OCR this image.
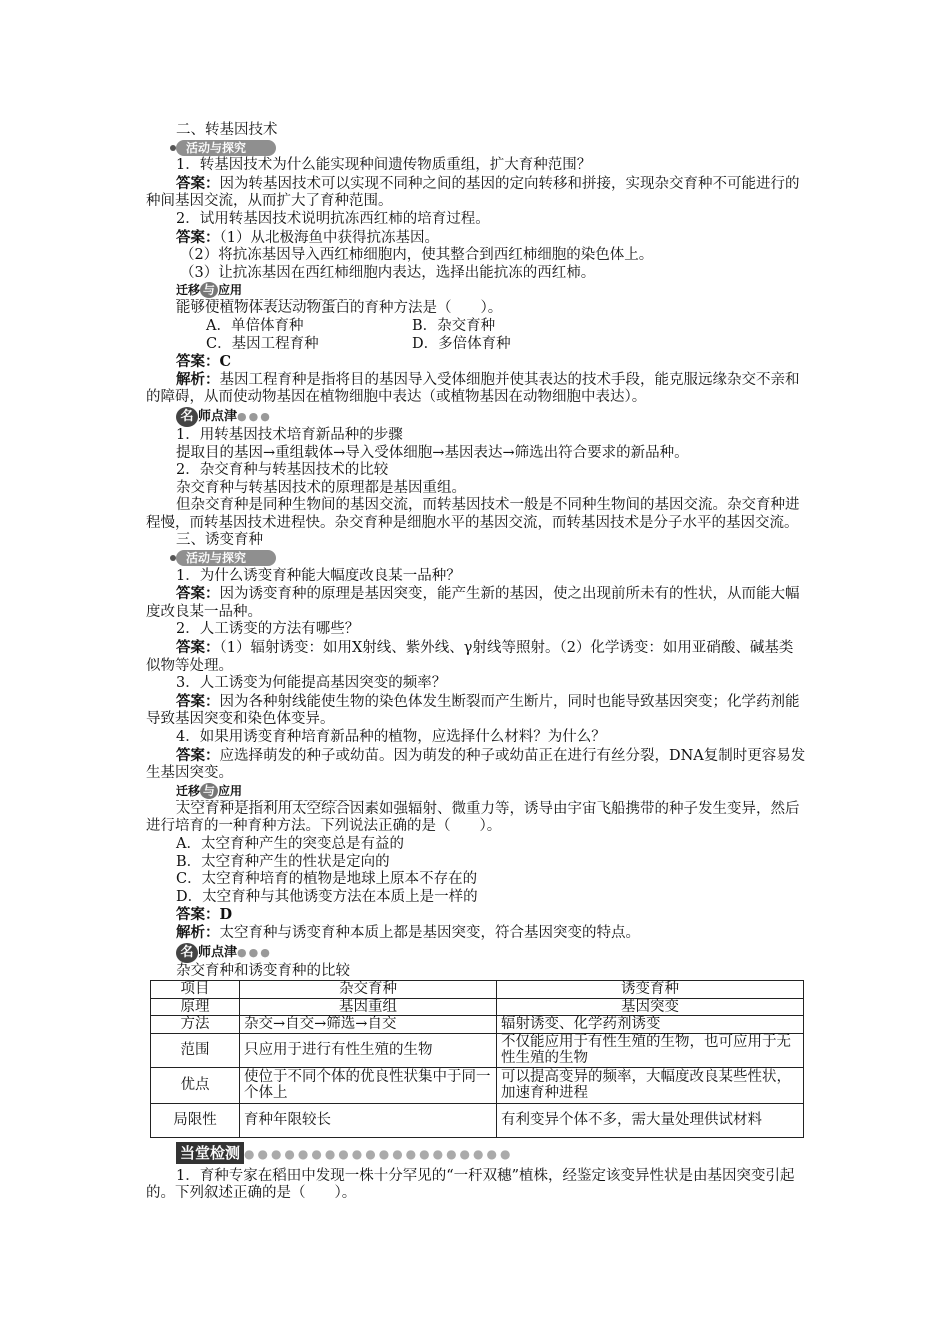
二、转基因技术

活动与探究

1．转基因技术为什么能实现种间遗传物质重组，扩大育种范围？

答案：因为转基因技术可以实现不同种之间的基因的定向转移和拼接，实现杂交育种不可能进行的种间基因交流，从而扩大了育种范围。

2．试用转基因技术说明抗冻西红柿的培育过程。

答案：（1）从北极海鱼中获得抗冻基因。

（2）将抗冻基因导入西红柿细胞内，使其整合到西红柿细胞的染色体上。

（3）让抗冻基因在西红柿细胞内表达，选择出能抗冻的西红柿。

迁移 与 应用

能够使植物体表达动物蛋白的育种方法是（　　）。

A．单倍体育种	B．杂交育种

C．基因工程育种	D．多倍体育种

答案：C

解析：基因工程育种是指将目的基因导入受体细胞并使其表达的技术手段，能克服远缘杂交不亲和的障碍，从而使动物基因在植物细胞中表达（或植物基因在动物细胞中表达）。

名 师点津●●●

1．用转基因技术培育新品种的步骤

提取目的基因→重组载体→导入受体细胞→基因表达→筛选出符合要求的新品种。

2．杂交育种与转基因技术的比较

杂交育种与转基因技术的原理都是基因重组。

但杂交育种是同种生物间的基因交流，而转基因技术一般是不同种生物间的基因交流。杂交育种进程慢，而转基因技术进程快。杂交育种是细胞水平的基因交流，而转基因技术是分子水平的基因交流。

三、诱变育种

活动与探究

1．为什么诱变育种能大幅度改良某一品种？

答案：因为诱变育种的原理是基因突变，能产生新的基因，使之出现前所未有的性状，从而能大幅度改良某一品种。

2．人工诱变的方法有哪些？

答案：（1）辐射诱变：如用X射线、紫外线、γ射线等照射。（2）化学诱变：如用亚硝酸、碱基类似物等处理。

3．人工诱变为何能提高基因突变的频率？

答案：因为各种射线能使生物的染色体发生断裂而产生断片，同时也能导致基因突变；化学药剂能导致基因突变和染色体变异。

4．如果用诱变育种培育新品种的植物，应选择什么材料？为什么？

答案：应选择萌发的种子或幼苗。因为萌发的种子或幼苗正在进行有丝分裂，DNA复制时更容易发生基因突变。

迁移 与 应用

太空育种是指利用太空综合因素如强辐射、微重力等，诱导由宇宙飞船携带的种子发生变异，然后进行培育的一种育种方法。下列说法正确的是（　　）。

A．太空育种产生的突变总是有益的

B．太空育种产生的性状是定向的

C．太空育种培育的植物是地球上原本不存在的

D．太空育种与其他诱变方法在本质上是一样的

答案：D

解析：太空育种与诱变育种本质上都是基因突变，符合基因突变的特点。

名 师点津●●●

杂交育种和诱变育种的比较

项目	杂交育种	诱变育种
原理	基因重组	基因突变
方法	杂交→自交→筛选→自交	辐射诱变、化学药剂诱变
范围	只应用于进行有性生殖的生物	不仅能应用于有性生殖的生物，也可应用于无性生殖的生物
优点	使位于不同个体的优良性状集中于同一个体上	可以提高变异的频率，大幅度改良某些性状，加速育种进程
局限性	育种年限较长	有利变异个体不多，需大量处理供试材料
当堂检测 ●●●●●●●●●●●●●●●●●●●●

1．育种专家在稻田中发现一株十分罕见的“一秆双穗”植株，经鉴定该变异性状是由基因突变引起的。下列叙述正确的是（　　）。
